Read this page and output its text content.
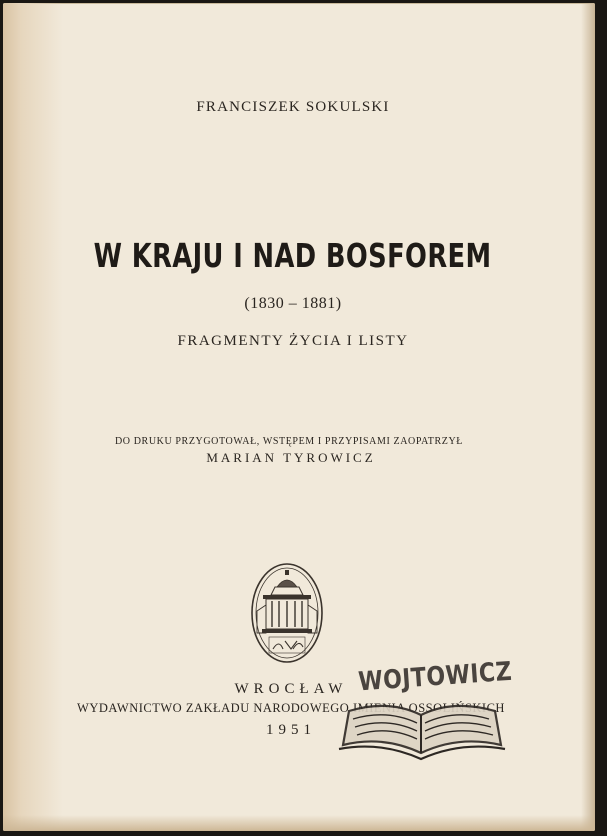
FRANCISZEK SOKULSKI
W KRAJU I NAD BOSFOREM
(1830 – 1881)
FRAGMENTY ŻYCIA I LISTY
DO DRUKU PRZYGOTOWAŁ, WSTĘPEM I PRZYPISAMI ZAOPATRZYŁ
MARIAN TYROWICZ
WROCŁAW
WYDAWNICTWO ZAKŁADU NARODOWEGO IMIENIA OSSOLIŃSKICH
1951
WOJTOWICZ
